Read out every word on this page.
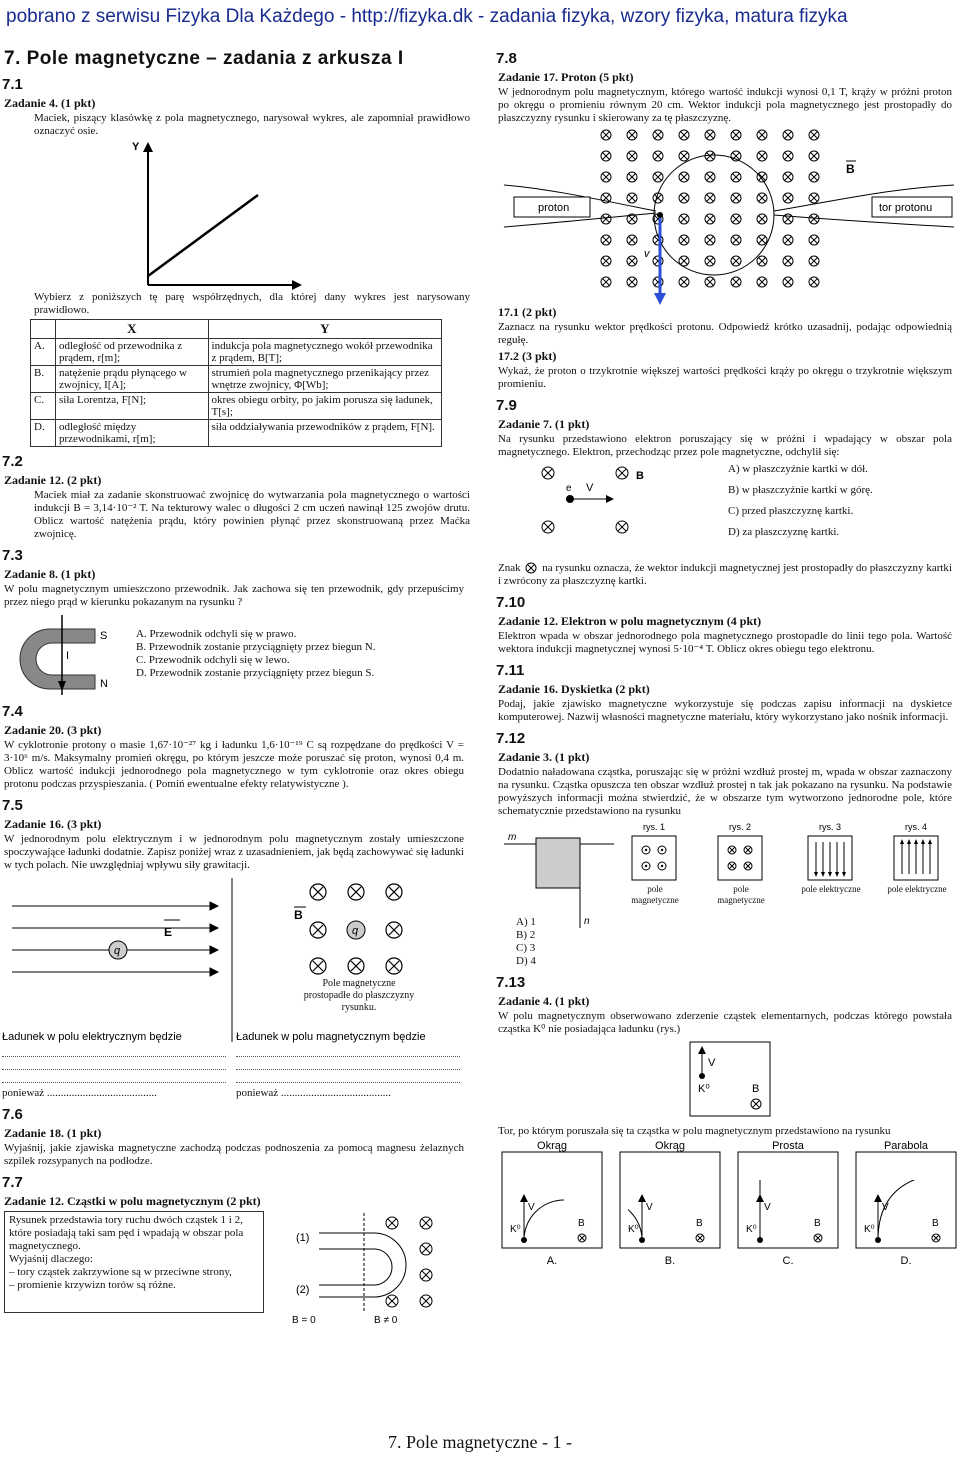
pobrano z serwisu Fizyka Dla Każdego - http://fizyka.dk - zadania fizyka, wzory fizyka, matura fizyka
7. Pole magnetyczne – zadania z arkusza I
7.1
Zadanie 4. (1 pkt)
Maciek, piszący klasówkę z pola magnetycznego, narysował wykres, ale zapomniał prawidłowo oznaczyć osie.
Y
Wybierz z poniższych tę parę współrzędnych, dla której dany wykres jest narysowany prawidłowo.
	X	Y
A.	odległość od przewodnika z prądem, r[m];	indukcja pola magnetycznego wokół przewodnika z prądem, B[T];
B.	natężenie prądu płynącego w zwojnicy, I[A];	strumień pola magnetycznego przenikający przez wnętrze zwojnicy, Φ[Wb];
C.	siła Lorentza, F[N];	okres obiegu orbity, po jakim porusza się ładunek, T[s];
D.	odległość między przewodnikami, r[m];	siła oddziaływania przewodników z prądem, F[N].
7.2
Zadanie 12. (2 pkt)
Maciek miał za zadanie skonstruować zwojnicę do wytwarzania pola magnetycznego o wartości indukcji B = 3,14·10⁻² T. Na tekturowy walec o długości 2 cm uczeń nawinął 125 zwojów drutu. Oblicz wartość natężenia prądu, który powinien płynąć przez skonstruowaną przez Maćka zwojnicę.
7.3
Zadanie 8. (1 pkt)
W polu magnetycznym umieszczono przewodnik. Jak zachowa się ten przewodnik, gdy przepuścimy przez niego prąd w kierunku pokazanym na rysunku ?
S
N
I
A. Przewodnik odchyli się w prawo.
B. Przewodnik zostanie przyciągnięty przez biegun N.
C. Przewodnik odchyli się w lewo.
D. Przewodnik zostanie przyciągnięty przez biegun S.
7.4
Zadanie 20. (3 pkt)
W cyklotronie protony o masie 1,67·10⁻²⁷ kg i ładunku 1,6·10⁻¹⁹ C są rozpędzane do prędkości V = 3·10⁶ m/s. Maksymalny promień okręgu, po którym jeszcze może poruszać się proton, wynosi 0,4 m. Oblicz wartość indukcji jednorodnego pola magnetycznego w tym cyklotronie oraz okres obiegu protonu podczas przyspieszania. ( Pomiń ewentualne efekty relatywistyczne ).
7.5
Zadanie 16. (3 pkt)
W jednorodnym polu elektrycznym i w jednorodnym polu magnetycznym zostały umieszczone spoczywające ładunki dodatnie. Zapisz poniżej wraz z uzasadnieniem, jak będą zachowywać się ładunki w tych polach. Nie uwzględniaj wpływu siły grawitacji.
E
q
q
B
Pole magnetyczne prostopadłe do płaszczyzny rysunku.
Ładunek w polu elektrycznym będzie	Ładunek w polu magnetycznym będzie
ponieważ ........................................	ponieważ ........................................
7.6
Zadanie 18. (1 pkt)
Wyjaśnij, jakie zjawiska magnetyczne zachodzą podczas podnoszenia za pomocą magnesu żelaznych szpilek rozsypanych na podłodze.
7.7
Zadanie 12. Cząstki w polu magnetycznym (2 pkt)
Rysunek przedstawia tory ruchu dwóch cząstek 1 i 2, które posiadają taki sam pęd i wpadają w obszar pola magnetycznego.
Wyjaśnij dlaczego:
– tory cząstek zakrzywione są w przeciwne strony,
– promienie krzywizn torów są różne.
(1)
(2)
B = 0	B ≠ 0
7.8
Zadanie 17. Proton (5 pkt)
W jednorodnym polu magnetycznym, którego wartość indukcji wynosi 0,1 T, krąży w próżni proton po okręgu o promieniu równym 20 cm. Wektor indukcji pola magnetycznego jest prostopadły do płaszczyzny rysunku i skierowany za tę płaszczyznę.
proton	tor protonu
B
v
17.1 (2 pkt)
Zaznacz na rysunku wektor prędkości protonu. Odpowiedź krótko uzasadnij, podając odpowiednią regułę.
17.2 (3 pkt)
Wykaż, że proton o trzykrotnie większej wartości prędkości krąży po okręgu o trzykrotnie większym promieniu.
7.9
Zadanie 7. (1 pkt)
Na rysunku przedstawiono elektron poruszający się w próżni i wpadający w obszar pola magnetycznego. Elektron, przechodząc przez pole magnetyczne, odchylił się:
e V
B
A) w płaszczyźnie kartki w dół.
B) w płaszczyźnie kartki w górę.
C) przed płaszczyznę kartki.
D) za płaszczyznę kartki.
Znak na rysunku oznacza, że wektor indukcji magnetycznej jest prostopadły do płaszczyzny kartki i zwrócony za płaszczyznę kartki.
7.10
Zadanie 12. Elektron w polu magnetycznym (4 pkt)
Elektron wpada w obszar jednorodnego pola magnetycznego prostopadle do linii tego pola. Wartość wektora indukcji magnetycznej wynosi 5·10⁻⁴ T. Oblicz okres obiegu tego elektronu.
7.11
Zadanie 16. Dyskietka (2 pkt)
Podaj, jakie zjawisko magnetyczne wykorzystuje się podczas zapisu informacji na dyskietce komputerowej. Nazwij własności magnetyczne materiału, który wykorzystano jako nośnik informacji.
7.12
Zadanie 3. (1 pkt)
Dodatnio naładowana cząstka, poruszając się w próżni wzdłuż prostej m, wpada w obszar zaznaczony na rysunku. Cząstka opuszcza ten obszar wzdłuż prostej n tak jak pokazano na rysunku. Na podstawie powyższych informacji można stwierdzić, że w obszarze tym wytworzono jednorodne pole, które schematycznie przedstawiono na rysunku
m
n
rys. 1	rys. 2	rys. 3	rys. 4
pole magnetyczne
pole magnetyczne
pole elektryczne	pole elektryczne
A) 1
B) 2
C) 3
D) 4
7.13
Zadanie 4. (1 pkt)
W polu magnetycznym obserwowano zderzenie cząstek elementarnych, podczas którego powstała cząstka K⁰ nie posiadająca ładunku (rys.)
V
K⁰	B
Tor, po którym poruszała się ta cząstka w polu magnetycznym przedstawiono na rysunku
Okrąg
V
K⁰
B
A.
Okrąg
V
K⁰
B
B.
Prosta
V
K⁰
B
C.
Parabola
V
K⁰
B
D.
7. Pole magnetyczne - 1 -
